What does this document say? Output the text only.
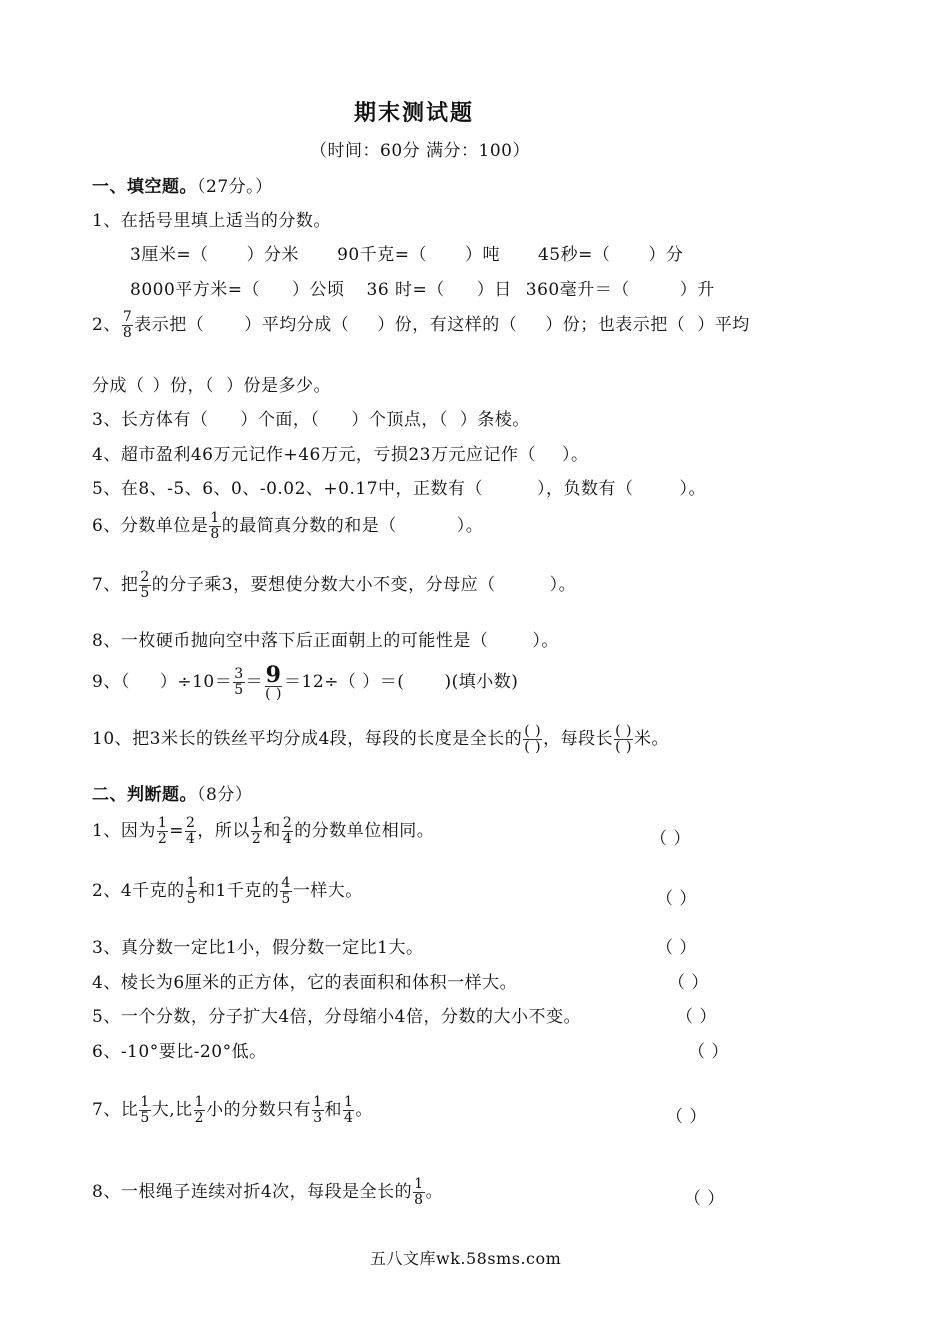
期末测试题
（时间：60分 满分：100）
一、填空题。（27分。）
1、在括号里填上适当的分数。
3厘米=（ ）分米 90千克=（ ）吨 45秒=（ ）分
8000平方米=（ ）公顷 36 时=（ ）日 360毫升＝（	）升
2、 $\frac{7}{8}$ 表示把（ ）平均分成（ ）份，有这样的（ ）份；也表示把（ ）平均
分成（ ）份，（ ）份是多少。
3、长方体有（ ）个面，（ ）个顶点，（ ）条棱。
4、超市盈利46万元记作+46万元，亏损23万元应记作（ ）。
5、在8、-5、6、0、-0.02、+0.17中，正数有（	），负数有（	）。
6、分数单位是 $\frac{1}{8}$ 的最简真分数的和是（	）。
7、把 $\frac{2}{5}$ 的分子乘3，要想使分数大小不变，分母应（	）。
8、一枚硬币抛向空中落下后正面朝上的可能性是（	）。
9、（ ）$\div 10= \frac{3}{5} = 9$
( )
＝12÷（ ）＝( )(填小数)
10、把3米长的铁丝平均分成4段，每段的长度是全长的 $\frac{( )}{( )}$ ，每段长 $\frac{( )}{( )}$ 米。
二、判断题。（8分）
1、因为 $\frac{1}{2} = \frac{2}{4}$ ，所以 $\frac{1}{2}$ 和 $\frac{2}{4}$ 的分数单位相同。	（ ）
2、4千克的 $\frac{1}{5}$ 和1千克的 $\frac{4}{5}$ 一样大。	（ ）
3、真分数一定比1小，假分数一定比1大。	（ ）
4、棱长为6厘米的正方体，它的表面积和体积一样大。	（ ）
5、一个分数，分子扩大4倍，分母缩小4倍，分数的大小不变。	（ ）
6、-10°要比-20°低。	（ ）
7、比 $\frac{1}{5}$ 大,比 $\frac{1}{2}$ 小的分数只有 $\frac{1}{3}$ 和 $\frac{1}{4}$ 。	（ ）
8、一根绳子连续对折4次，每段是全长的 $\frac{1}{8}$ 。	（ ）
五八文库wk.58sms.com
